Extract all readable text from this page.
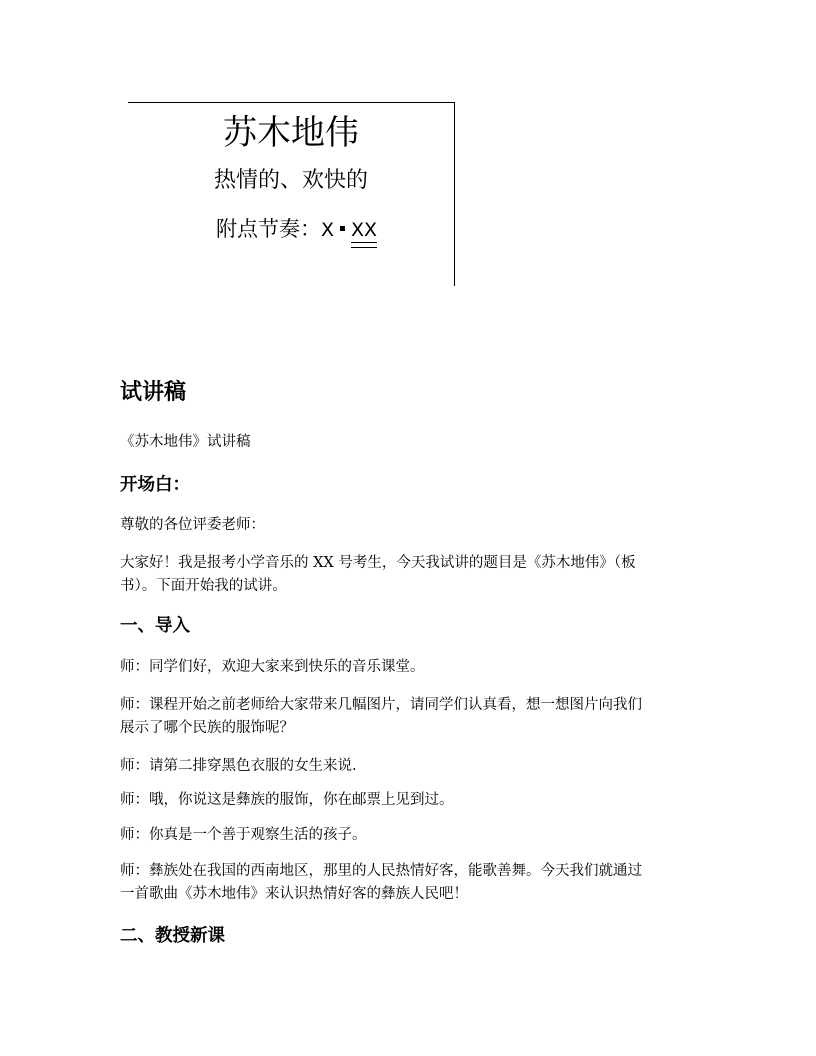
苏木地伟
热情的、欢快的
附点节奏：X XX
试讲稿
《苏木地伟》试讲稿
开场白：
尊敬的各位评委老师：
大家好！我是报考小学音乐的 XX 号考生，今天我试讲的题目是《苏木地伟》（板
书）。下面开始我的试讲。
一、导入
师：同学们好，欢迎大家来到快乐的音乐课堂。
师：课程开始之前老师给大家带来几幅图片，请同学们认真看，想一想图片向我们
展示了哪个民族的服饰呢？
师：请第二排穿黑色衣服的女生来说.
师：哦，你说这是彝族的服饰，你在邮票上见到过。
师：你真是一个善于观察生活的孩子。
师：彝族处在我国的西南地区，那里的人民热情好客，能歌善舞。今天我们就通过
一首歌曲《苏木地伟》来认识热情好客的彝族人民吧！
二、教授新课
